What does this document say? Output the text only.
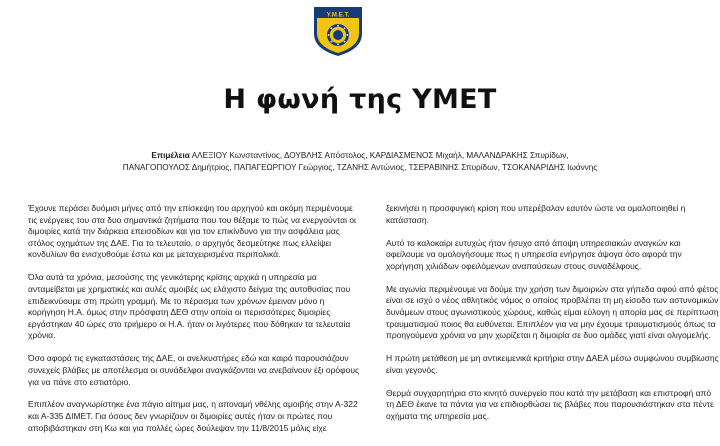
Υ.Μ.Ε.Τ.
Η φωνή της ΥΜΕΤ
Επιμέλεια ΑΛΕΞΙΟΥ Κωνσταντίνος, ΔΟΥΒΛΗΣ Απόστολος, ΚΑΡΔΙΑΣΜΕΝΟΣ Μιχαήλ, ΜΑΛΑΝΔΡΑΚΗΣ Σπυρίδων,
ΠΑΝΑΓΟΠΟΥΛΟΣ Δημήτριος, ΠΑΠΑΓΕΩΡΓΙΟΥ Γεώργιος, ΤΖΑΝΗΣ Αντώνιος, ΤΣΕΡΑΒΙΝΗΣ Σπυρίδων, ΤΣΟΚΑΝΑΡΙΔΗΣ Ιωάννης

Έχουνε περάσει δυόμισι μήνες από την επίσκεψη του αρχηγού και ακόμη περιμένουμε τις ενέργειες του στα δυο σημαντικά ζητήματα που του θέξαμε το πώς να ενεργούνται οι διμοιρίες κατά την διάρκεια επεισοδίων και για τον επικίνδυνο για την ασφάλεια μας στόλος οχημάτων της ΔΑΕ. Για το τελευταίο, ο αρχηγός δεσμεύτηκε πως ελλείψει κονδυλίων θα ενισχυθούμε έστω και με μεταχειρισμένα περιπολικά.

Όλα αυτά τα χρόνια, μεσούσης της γενικότερης κρίσης αρχικά η υπηρεσία μα ανταμείβεται με χρηματικές και αυλές αμοιβές ως ελάχιστο δείγμα της αυτοθυσίας που επιδεικνύουμε στη πρώτη γραμμή. Με το πέρασμα των χρόνων έμειναν μόνο η κορήγηση Η.Α. όμως στην πρόσφατη ΔΕΘ στην οποία οι περισσότερες διμοιρίες εργάστηκαν 40 ώρες στο τριήμερο οι Η.Α. ήταν οι λιγότερες που δόθηκαν τα τελευταία χρόνια.

Όσο αφορά τις εγκαταστάσεις της ΔΑΕ, οι ανελκυστήρες εδώ και καιρό παρουσιάζουν συνεχείς βλάβες με αποτέλεσμα οι συνάδελφοι αναγκάζονται να ανεβαίνουν έξι ορόφους για να πάνε στο εστιατόριο.

Επιπλέον αναγνωρίστηκε ένα πάγιο αίτημα μας, η αποναμή νθέλης αμοιβής στην Α-322 και Α-335 ΔΙΜΕΤ. Για όσους δεν γνωρίζουν οι διμοιρίες αυτές ήταν οι πρώτες που αποβιβάστηκαν στη Κω και για πολλές ώρες δούλεψαν την 11/8/2015 μόλις είχε

ξεκινήσει η προσφυγική κρίση που υπερέβαλαν εαυτόν ώστε να ομαλοποιηθεί η κατάσταση.

Αυτό το καλοκαίρι ευτυχώς ήταν ήσυχο από άποψη υπηρεσιακών αναγκών και οφείλουμε να ομολογήσουμε πως η υπηρεσία ενήργησε άψογα όσο αφορά την χορήγηση χιλιάδων οφειλόμενων αναπαύσεων στους συναδέλφους.

Με αγωνία περιμένουμε να δούμε την χρήση των διμοιριών στα γήπεδα αφού από φέτος είναι σε ισχύ ο νέος αθλητικός νόμος ο οποίος προβλέπει τη μη είσοδο των αστυνομικών δυνάμεων στους αγωνιστικούς χώρους, καθώς είμαι εύλογη η απορία μας σε περίπτωση τραυματισμού ποιος θα ευθύνεται. Επιπλέον για να μην έχουμε τραυματισμούς όπως τα προηγούμενα χρόνια να μην χωρίζεται η διμοιρία σε δυο ομάδες γιατί είναι ολιγομελής.

Η πρώτη μετάθεση με μη αντικειμενικά κριτήρια στην ΔΑΕΑ μέσω συμφώνου συμβίωσης είναι γεγονός.

Θερμά συγχαρητήρια στο κινητό συνεργείο που κατά την μετάβαση και επιστροφή από τη ΔΕΘ έκανε τα πάντα για να επιδιορθώσει τις βλάβες που παρουσιάστηκαν στα πέντε οχήματα της υπηρεσία μας.
